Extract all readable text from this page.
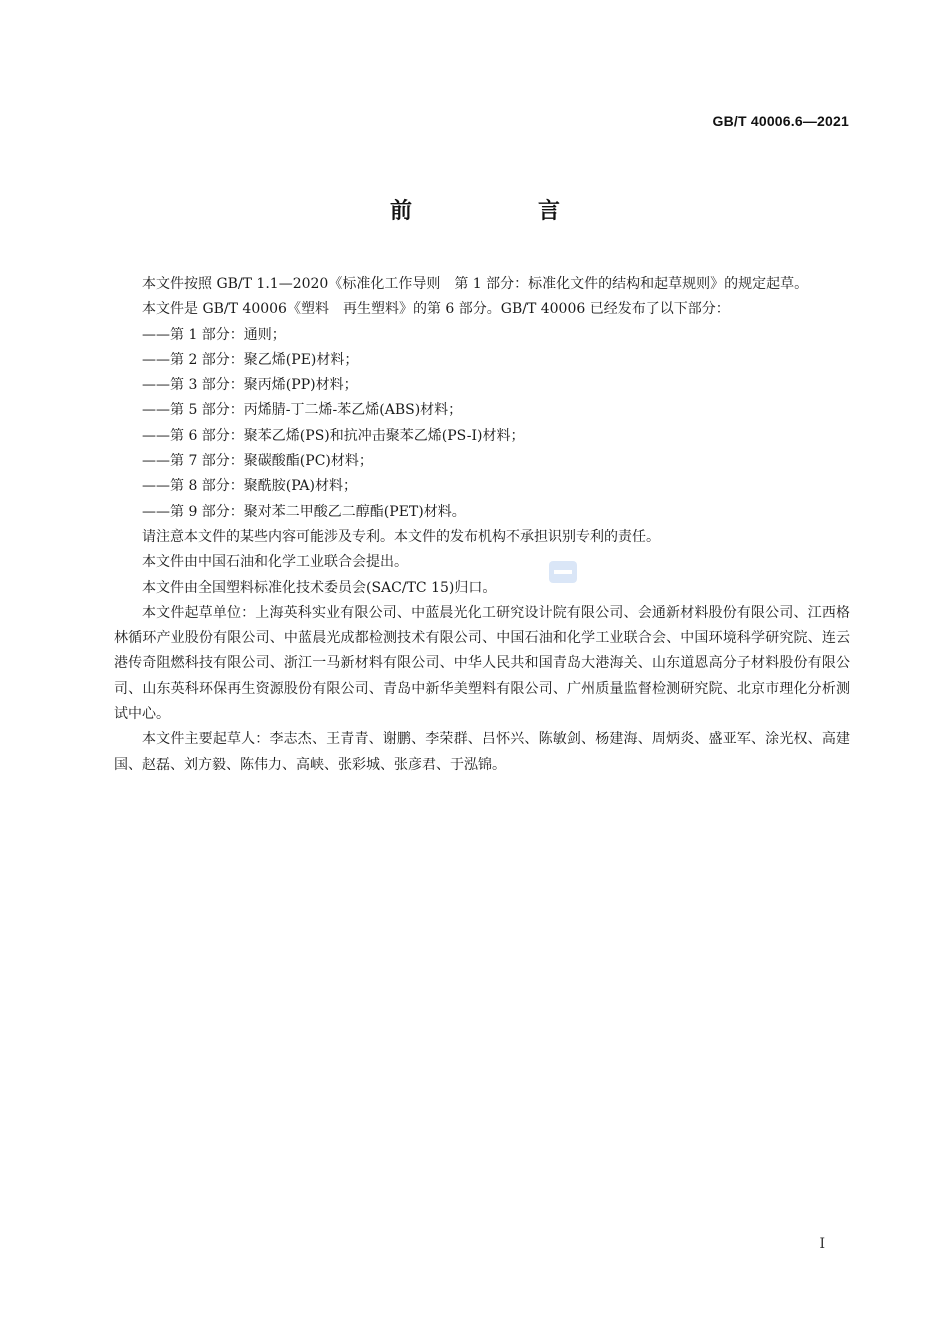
GB/T 40006.6—2021
前　言

本文件按照 GB/T 1.1—2020《标准化工作导则　第 1 部分：标准化文件的结构和起草规则》的规定起草。

本文件是 GB/T 40006《塑料　再生塑料》的第 6 部分。GB/T 40006 已经发布了以下部分：

——第 1 部分：通则；

——第 2 部分：聚乙烯(PE)材料；

——第 3 部分：聚丙烯(PP)材料；

——第 5 部分：丙烯腈-丁二烯-苯乙烯(ABS)材料；

——第 6 部分：聚苯乙烯(PS)和抗冲击聚苯乙烯(PS-I)材料；

——第 7 部分：聚碳酸酯(PC)材料；

——第 8 部分：聚酰胺(PA)材料；

——第 9 部分：聚对苯二甲酸乙二醇酯(PET)材料。

请注意本文件的某些内容可能涉及专利。本文件的发布机构不承担识别专利的责任。

本文件由中国石油和化学工业联合会提出。

本文件由全国塑料标准化技术委员会(SAC/TC 15)归口。

本文件起草单位：上海英科实业有限公司、中蓝晨光化工研究设计院有限公司、会通新材料股份有限公司、江西格林循环产业股份有限公司、中蓝晨光成都检测技术有限公司、中国石油和化学工业联合会、中国环境科学研究院、连云港传奇阻燃科技有限公司、浙江一马新材料有限公司、中华人民共和国青岛大港海关、山东道恩高分子材料股份有限公司、山东英科环保再生资源股份有限公司、青岛中新华美塑料有限公司、广州质量监督检测研究院、北京市理化分析测试中心。

本文件主要起草人：李志杰、王青青、谢鹏、李荣群、吕怀兴、陈敏剑、杨建海、周炳炎、盛亚军、涂光权、高建国、赵磊、刘方毅、陈伟力、高峡、张彩城、张彦君、于泓锦。

I
